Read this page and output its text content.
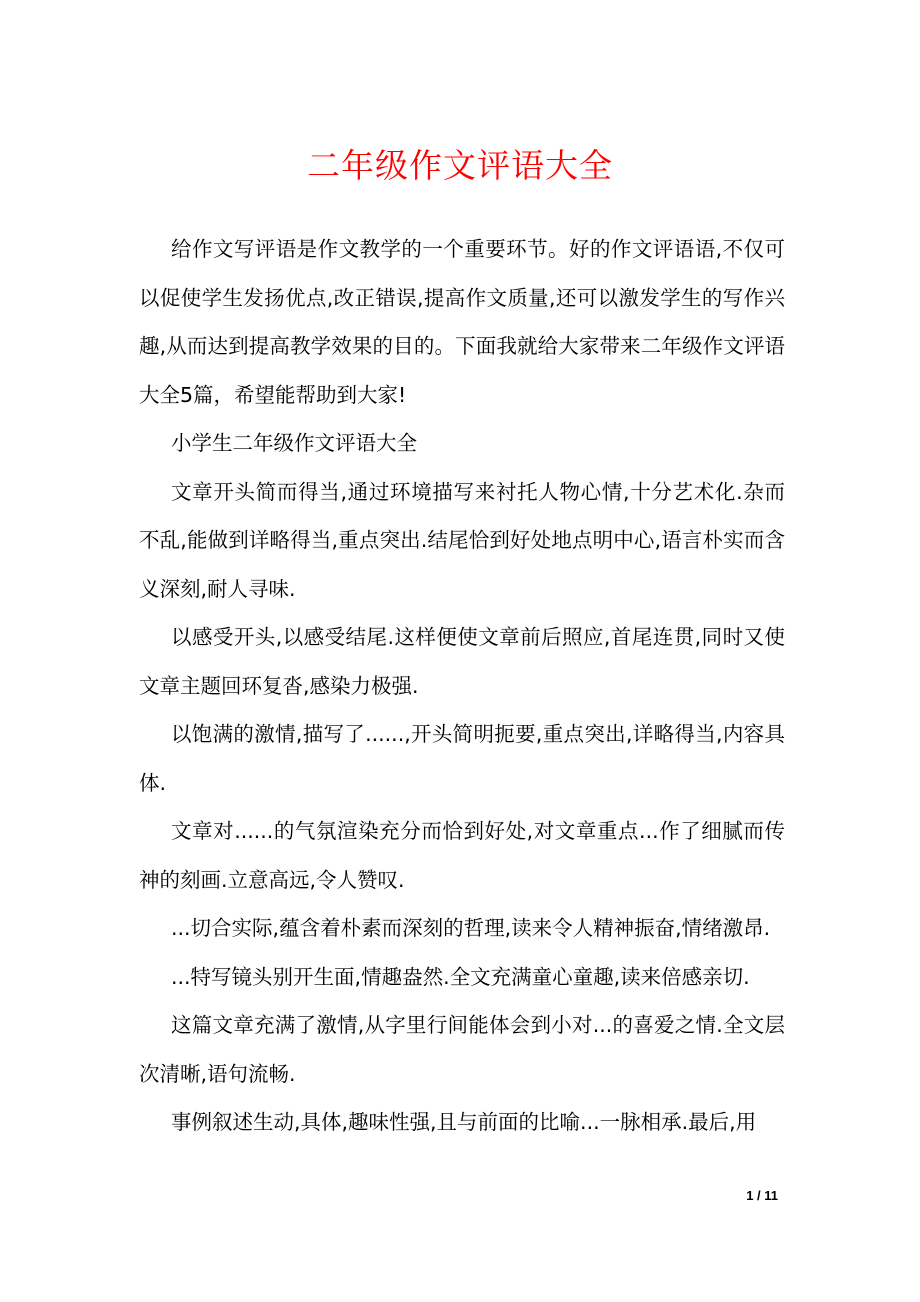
二年级作文评语大全

给作文写评语是作文教学的一个重要环节。好的作文评语语,不仅可以促使学生发扬优点,改正错误,提高作文质量,还可以激发学生的写作兴趣,从而达到提高教学效果的目的。下面我就给大家带来二年级作文评语大全5篇，希望能帮助到大家!

小学生二年级作文评语大全

文章开头简而得当,通过环境描写来衬托人物心情,十分艺术化.杂而不乱,能做到详略得当,重点突出.结尾恰到好处地点明中心,语言朴实而含义深刻,耐人寻味.

以感受开头,以感受结尾.这样便使文章前后照应,首尾连贯,同时又使文章主题回环复沓,感染力极强.

以饱满的激情,描写了......,开头简明扼要,重点突出,详略得当,内容具体.

文章对......的气氛渲染充分而恰到好处,对文章重点...作了细腻而传神的刻画.立意高远,令人赞叹.

...切合实际,蕴含着朴素而深刻的哲理,读来令人精神振奋,情绪激昂.

...特写镜头别开生面,情趣盎然.全文充满童心童趣,读来倍感亲切.

这篇文章充满了激情,从字里行间能体会到小对...的喜爱之情.全文层次清晰,语句流畅.

事例叙述生动,具体,趣味性强,且与前面的比喻...一脉相承.最后,用

1 / 11
